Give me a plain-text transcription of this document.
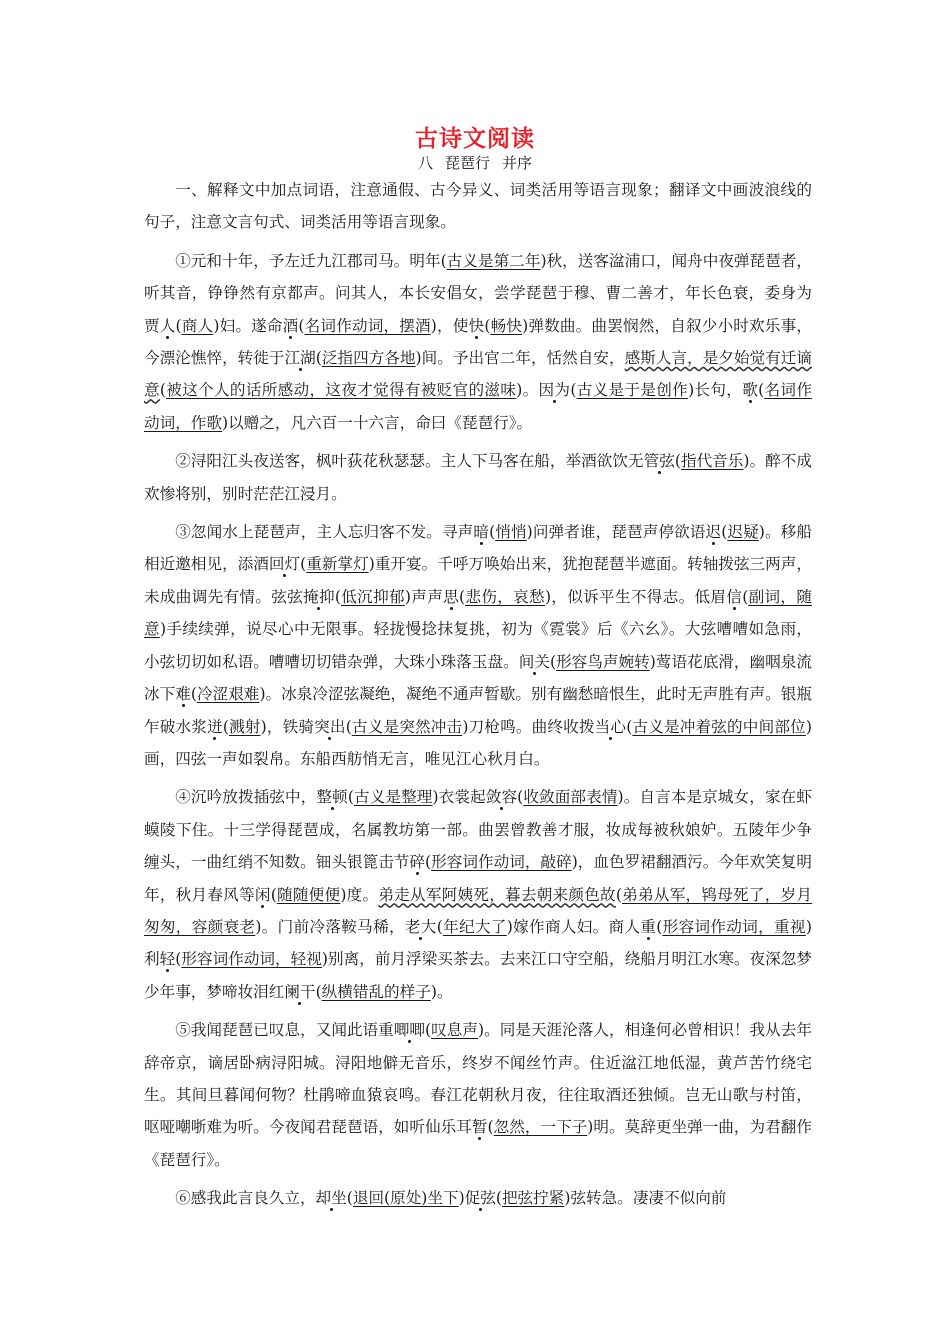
古诗文阅读
八 琵琶行 并序

一、解释文中加点词语，注意通假、古今异义、词类活用等语言现象；翻译文中画波浪线的句子，注意文言句式、词类活用等语言现象。

①元和十年，予左迁九江郡司马。明年(古义是第二年)秋，送客湓浦口，闻舟中夜弹琵琶者，听其音，铮铮然有京都声。问其人，本长安倡女，尝学琵琶于穆、曹二善才，年长色衰，委身为贾人(商人)妇。遂命酒(名词作动词，摆酒)，使快(畅快)弹数曲。曲罢悯然，自叙少小时欢乐事，今漂沦憔悴，转徙于江湖(泛指四方各地)间。予出官二年，恬然自安，感斯人言，是夕始觉有迁谪意(被这个人的话所感动，这夜才觉得有被贬官的滋味)。因为(古义是于是创作)长句，歌(名词作动词，作歌)以赠之，凡六百一十六言，命曰《琵琶行》。

②浔阳江头夜送客，枫叶荻花秋瑟瑟。主人下马客在船，举酒欲饮无管弦(指代音乐)。醉不成欢惨将别，别时茫茫江浸月。

③忽闻水上琵琶声，主人忘归客不发。寻声暗(悄悄)问弹者谁，琵琶声停欲语迟(迟疑)。移船相近邀相见，添酒回灯(重新掌灯)重开宴。千呼万唤始出来，犹抱琵琶半遮面。转轴拨弦三两声，未成曲调先有情。弦弦掩抑(低沉抑郁)声声思(悲伤，哀愁)，似诉平生不得志。低眉信(副词，随意)手续续弹，说尽心中无限事。轻拢慢捻抹复挑，初为《霓裳》后《六幺》。大弦嘈嘈如急雨，小弦切切如私语。嘈嘈切切错杂弹，大珠小珠落玉盘。间关(形容鸟声婉转)莺语花底滑，幽咽泉流冰下难(冷涩艰难)。冰泉冷涩弦凝绝，凝绝不通声暂歇。别有幽愁暗恨生，此时无声胜有声。银瓶乍破水浆迸(溅射)，铁骑突出(古义是突然冲击)刀枪鸣。曲终收拨当心(古义是冲着弦的中间部位)画，四弦一声如裂帛。东船西舫悄无言，唯见江心秋月白。

④沉吟放拨插弦中，整顿(古义是整理)衣裳起敛容(收敛面部表情)。自言本是京城女，家在虾蟆陵下住。十三学得琵琶成，名属教坊第一部。曲罢曾教善才服，妆成每被秋娘妒。五陵年少争缠头，一曲红绡不知数。钿头银篦击节碎(形容词作动词，敲碎)，血色罗裙翻酒污。今年欢笑复明年，秋月春风等闲(随随便便)度。弟走从军阿姨死，暮去朝来颜色故(弟弟从军，鸨母死了，岁月匆匆，容颜衰老)。门前冷落鞍马稀，老大(年纪大了)嫁作商人妇。商人重(形容词作动词，重视)利轻(形容词作动词，轻视)别离，前月浮梁买茶去。去来江口守空船，绕船月明江水寒。夜深忽梦少年事，梦啼妆泪红阑干(纵横错乱的样子)。

⑤我闻琵琶已叹息，又闻此语重唧唧(叹息声)。同是天涯沦落人，相逢何必曾相识！我从去年辞帝京，谪居卧病浔阳城。浔阳地僻无音乐，终岁不闻丝竹声。住近湓江地低湿，黄芦苦竹绕宅生。其间旦暮闻何物？杜鹃啼血猿哀鸣。春江花朝秋月夜，往往取酒还独倾。岂无山歌与村笛，呕哑嘲哳难为听。今夜闻君琵琶语，如听仙乐耳暂(忽然，一下子)明。莫辞更坐弹一曲，为君翻作《琵琶行》。

⑥感我此言良久立，却坐(退回(原处)坐下)促弦(把弦拧紧)弦转急。凄凄不似向前
